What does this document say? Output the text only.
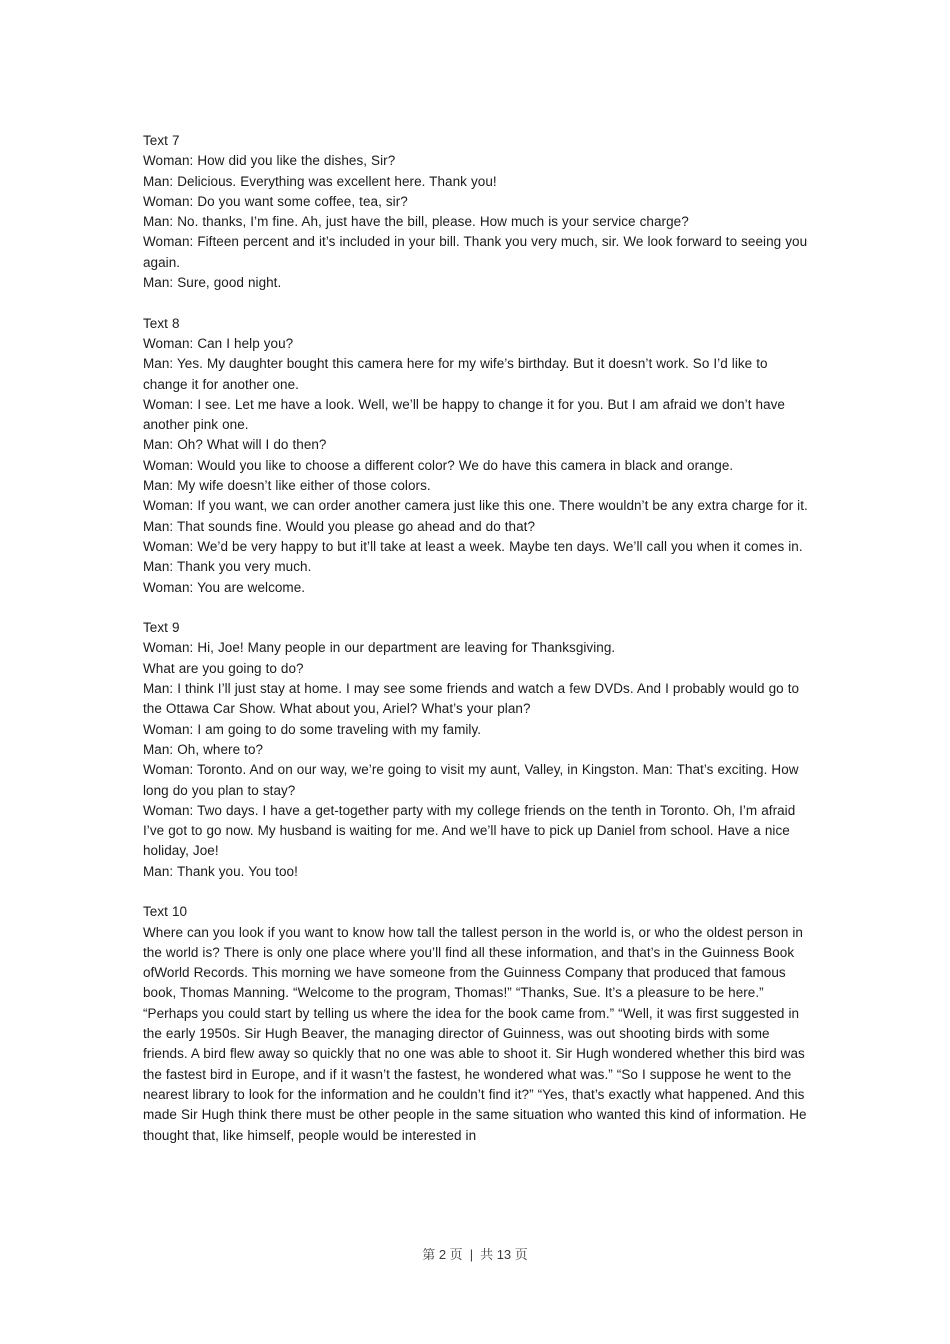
Text 7

Woman: How did you like the dishes, Sir?

Man: Delicious. Everything was excellent here. Thank you!

Woman: Do you want some coffee, tea, sir?

Man: No. thanks, I’m fine. Ah, just have the bill, please. How much is your service charge?

Woman: Fifteen percent and it’s included in your bill. Thank you very much, sir. We look forward to seeing you again.

Man: Sure, good night.

Text 8

Woman: Can I help you?

Man: Yes. My daughter bought this camera here for my wife’s birthday. But it doesn’t work. So I’d like to change it for another one.

Woman: I see. Let me have a look. Well, we’ll be happy to change it for you. But I am afraid we don’t have another pink one.

Man: Oh? What will I do then?

Woman: Would you like to choose a different color? We do have this camera in black and orange.

Man: My wife doesn’t like either of those colors.

Woman: If you want, we can order another camera just like this one. There wouldn’t be any extra charge for it.

Man: That sounds fine. Would you please go ahead and do that?

Woman: We’d be very happy to but it’ll take at least a week. Maybe ten days. We’ll call you when it comes in.

Man: Thank you very much.

Woman: You are welcome.

Text 9

Woman: Hi, Joe! Many people in our department are leaving for Thanksgiving.

What are you going to do?

Man: I think I’ll just stay at home. I may see some friends and watch a few DVDs. And I probably would go to the Ottawa Car Show. What about you, Ariel? What’s your plan?

Woman: I am going to do some traveling with my family.

Man: Oh, where to?

Woman: Toronto. And on our way, we’re going to visit my aunt, Valley, in Kingston. Man: That’s exciting. How long do you plan to stay?

Woman: Two days. I have a get-together party with my college friends on the tenth in Toronto. Oh, I’m afraid I’ve got to go now. My husband is waiting for me. And we’ll have to pick up Daniel from school. Have a nice holiday, Joe!

Man: Thank you. You too!

Text 10

Where can you look if you want to know how tall the tallest person in the world is, or who the oldest person in the world is? There is only one place where you’ll find all these information, and that’s in the Guinness Book ofWorld Records. This morning we have someone from the Guinness Company that produced that famous book, Thomas Manning. “Welcome to the program, Thomas!” “Thanks, Sue. It’s a pleasure to be here.” “Perhaps you could start by telling us where the idea for the book came from.” “Well, it was first suggested in the early 1950s. Sir Hugh Beaver, the managing director of Guinness, was out shooting birds with some friends. A bird flew away so quickly that no one was able to shoot it. Sir Hugh wondered whether this bird was the fastest bird in Europe, and if it wasn’t the fastest, he wondered what was.” “So I suppose he went to the nearest library to look for the information and he couldn’t find it?” “Yes, that’s exactly what happened. And this made Sir Hugh think there must be other people in the same situation who wanted this kind of information. He thought that, like himself, people would be interested in

第 2 页 | 共 13 页
